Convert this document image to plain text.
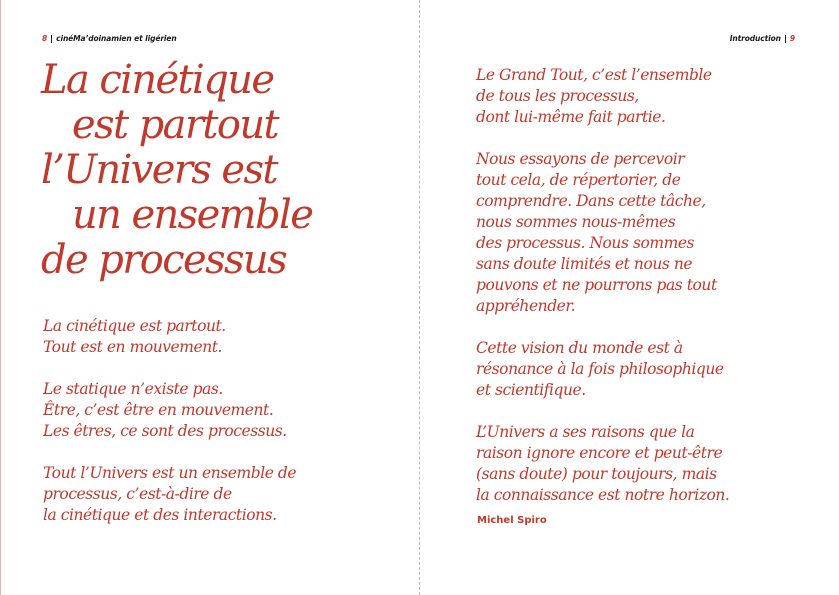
8 cinéMa’doinamien et ligérien
La cinétique
est partout
l’Univers est
un ensemble
de processus

La cinétique est partout.
Tout est en mouvement.

Le statique n’existe pas.
Être, c’est être en mouvement.
Les êtres, ce sont des processus.

Tout l’Univers est un ensemble de
processus, c’est-à-dire de
la cinétique et des interactions.

Introduction 9

Le Grand Tout, c’est l’ensemble
de tous les processus,
dont lui-même fait partie.

Nous essayons de percevoir
tout cela, de répertorier, de
comprendre. Dans cette tâche,
nous sommes nous-mêmes
des processus. Nous sommes
sans doute limités et nous ne
pouvons et ne pourrons pas tout
appréhender.

Cette vision du monde est à
résonance à la fois philosophique
et scientifique.

L’Univers a ses raisons que la
raison ignore encore et peut-être
(sans doute) pour toujours, mais
la connaissance est notre horizon.

Michel Spiro
